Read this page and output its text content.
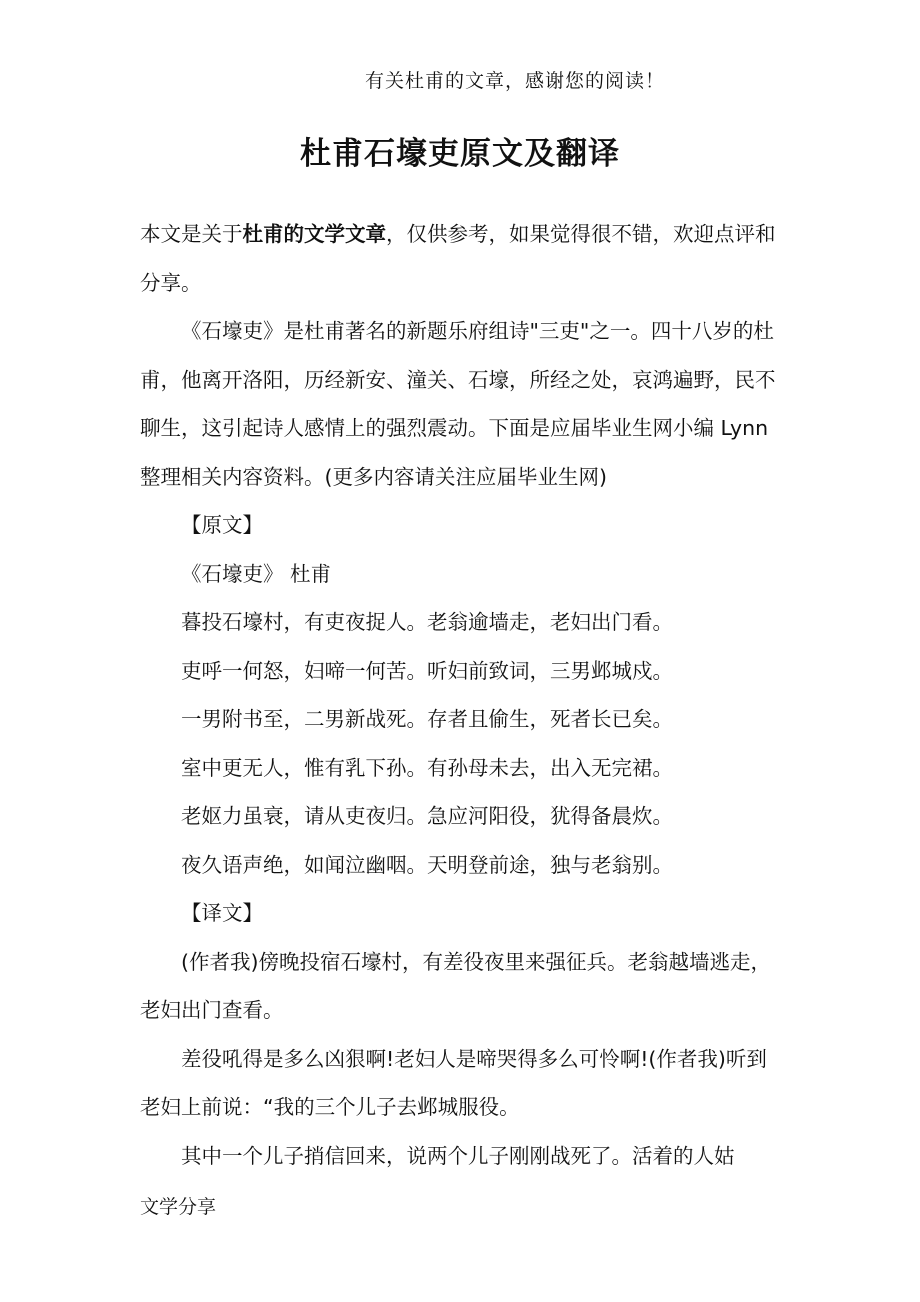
有关杜甫的文章，感谢您的阅读！
杜甫石壕吏原文及翻译

本文是关于杜甫的文学文章，仅供参考，如果觉得很不错，欢迎点评和分享。

《石壕吏》是杜甫著名的新题乐府组诗"三吏"之一。四十八岁的杜甫，他离开洛阳，历经新安、潼关、石壕，所经之处，哀鸿遍野，民不聊生，这引起诗人感情上的强烈震动。下面是应届毕业生网小编 Lynn 整理相关内容资料。(更多内容请关注应届毕业生网)

【原文】

《石壕吏》 杜甫

暮投石壕村，有吏夜捉人。老翁逾墙走，老妇出门看。

吏呼一何怒，妇啼一何苦。听妇前致词，三男邺城戍。

一男附书至，二男新战死。存者且偷生，死者长已矣。

室中更无人，惟有乳下孙。有孙母未去，出入无完裙。

老妪力虽衰，请从吏夜归。急应河阳役，犹得备晨炊。

夜久语声绝，如闻泣幽咽。天明登前途，独与老翁别。

【译文】

(作者我)傍晚投宿石壕村，有差役夜里来强征兵。老翁越墙逃走，老妇出门查看。

差役吼得是多么凶狠啊!老妇人是啼哭得多么可怜啊!(作者我)听到老妇上前说：“我的三个儿子去邺城服役。

其中一个儿子捎信回来，说两个儿子刚刚战死了。活着的人姑

文学分享
